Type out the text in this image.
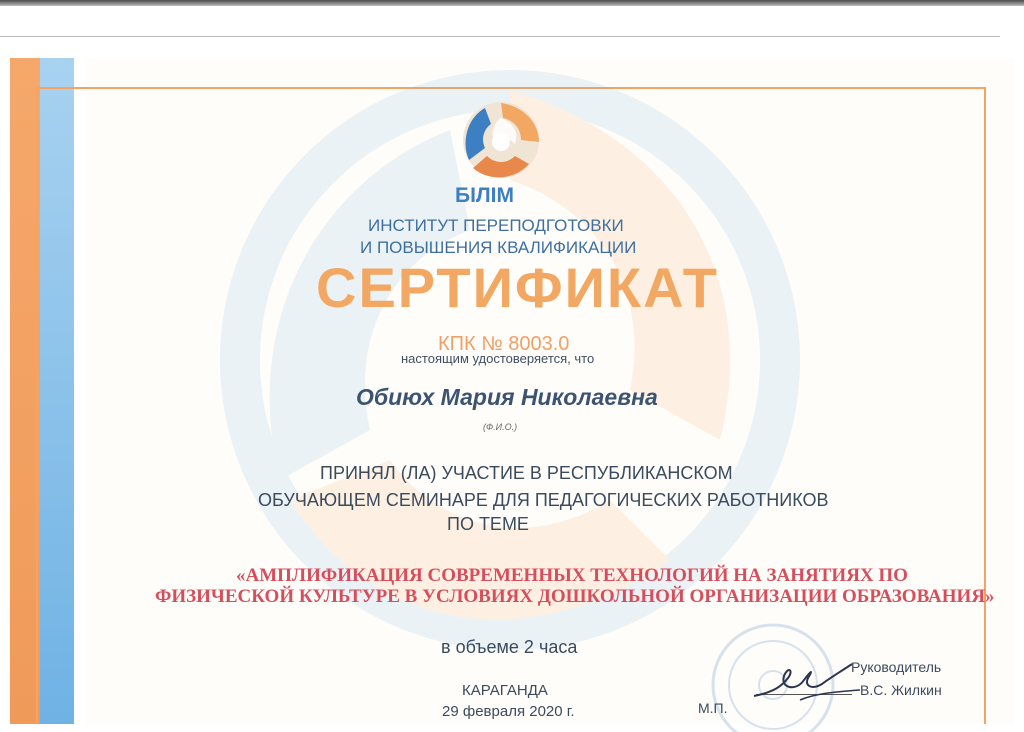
БІЛІМ
ИНСТИТУТ ПЕРЕПОДГОТОВКИ
И ПОВЫШЕНИЯ КВАЛИФИКАЦИИ
СЕРТИФИКАТ
КПК № 8003.0
настоящим удостоверяется, что
Обиюх Мария Николаевна
(Ф.И.О.)
ПРИНЯЛ (ЛА) УЧАСТИЕ В РЕСПУБЛИКАНСКОМ
ОБУЧАЮЩЕМ СЕМИНАРЕ ДЛЯ ПЕДАГОГИЧЕСКИХ РАБОТНИКОВ
ПО ТЕМЕ
«АМПЛИФИКАЦИЯ СОВРЕМЕННЫХ ТЕХНОЛОГИЙ НА ЗАНЯТИЯХ ПО
ФИЗИЧЕСКОЙ КУЛЬТУРЕ В УСЛОВИЯХ ДОШКОЛЬНОЙ ОРГАНИЗАЦИИ ОБРАЗОВАНИЯ»
в объеме 2 часа
КАРАГАНДА
29 февраля 2020 г.
Руководитель
В.С. Жилкин
М.П.
